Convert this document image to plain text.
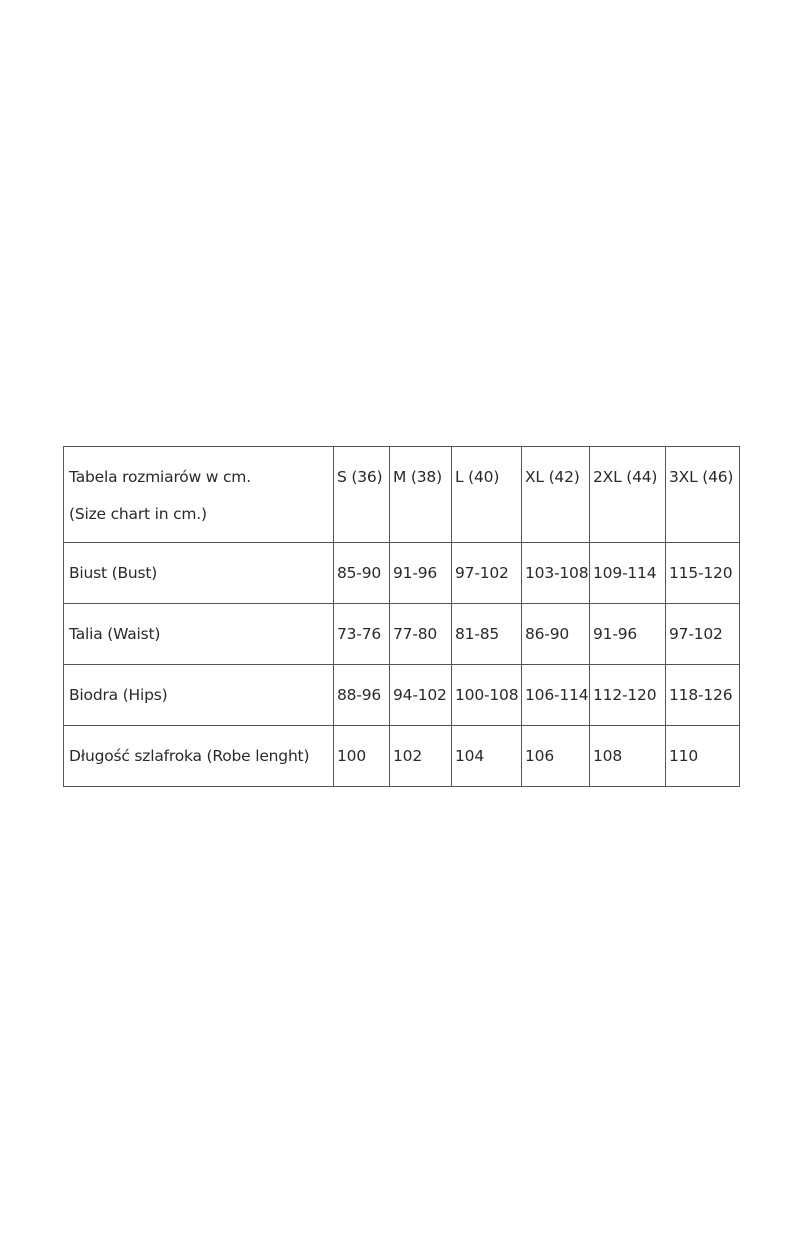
Tabela rozmiarów w cm.
(Size chart in cm.)	S (36)	M (38)	L (40)	XL (42)	2XL (44)	3XL (46)
Biust (Bust)	85-90	91-96	97-102	103-108	109-114	115-120
Talia (Waist)	73-76	77-80	81-85	86-90	91-96	97-102
Biodra (Hips)	88-96	94-102	100-108	106-114	112-120	118-126
Długość szlafroka (Robe lenght)	100	102	104	106	108	110
